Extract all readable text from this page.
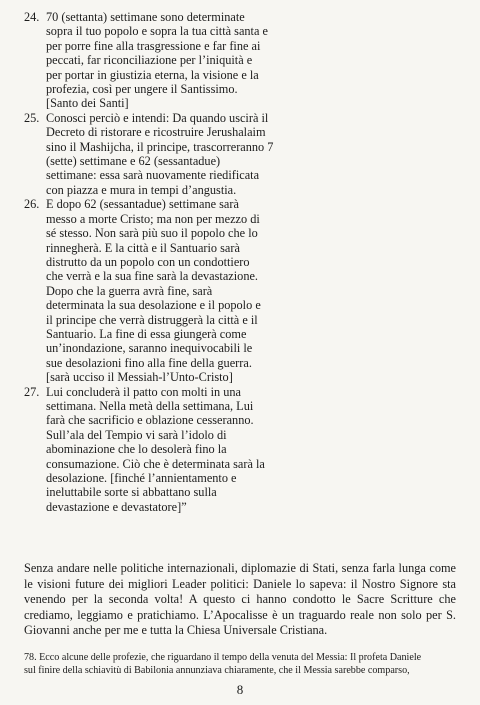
24. 70 (settanta) settimane sono determinate
sopra il tuo popolo e sopra la tua città santa e
per porre fine alla trasgressione e far fine ai
peccati, far riconciliazione per l’iniquità e
per portar in giustizia eterna, la visione e la
profezia, così per ungere il Santissimo.
[Santo dei Santi]
25. Conosci perciò e intendi: Da quando uscirà il
Decreto di ristorare e ricostruire Jerushalaim
sino il Mashijcha, il principe, trascorreranno 7
(sette) settimane e 62 (sessantadue)
settimane: essa sarà nuovamente riedificata
con piazza e mura in tempi d’angustia.
26. E dopo 62 (sessantadue) settimane sarà
messo a morte Cristo; ma non per mezzo di
sé stesso. Non sarà più suo il popolo che lo
rinnegherà. E la città e il Santuario sarà
distrutto da un popolo con un condottiero
che verrà e la sua fine sarà la devastazione.
Dopo che la guerra avrà fine, sarà
determinata la sua desolazione e il popolo e
il principe che verrà distruggerà la città e il
Santuario. La fine di essa giungerà come
un’inondazione, saranno inequivocabili le
sue desolazioni fino alla fine della guerra.
[sarà ucciso il Messiah-l’Unto-Cristo]
27. Lui concluderà il patto con molti in una
settimana. Nella metà della settimana, Lui
farà che sacrificio e oblazione cesseranno.
Sull’ala del Tempio vi sarà l’idolo di
abominazione che lo desolerà fino la
consumazione. Ciò che è determinata sarà la
desolazione. [finché l’annientamento e
ineluttabile sorte si abbattano sulla
devastazione e devastatore]”

Senza andare nelle politiche internazionali, diplomazie di Stati, senza farla lunga come le visioni future dei migliori Leader politici: Daniele lo sapeva: il Nostro Signore sta venendo per la seconda volta! A questo ci hanno condotto le Sacre Scritture che crediamo, leggiamo e pratichiamo. L’Apocalisse è un traguardo reale non solo per S. Giovanni anche per me e tutta la Chiesa Universale Cristiana.

78. Ecco alcune delle profezie, che riguardano il tempo della venuta del Messia: Il profeta Daniele
sul finire della schiavitù di Babilonia annunziava chiaramente, che il Messia sarebbe comparso,
8
